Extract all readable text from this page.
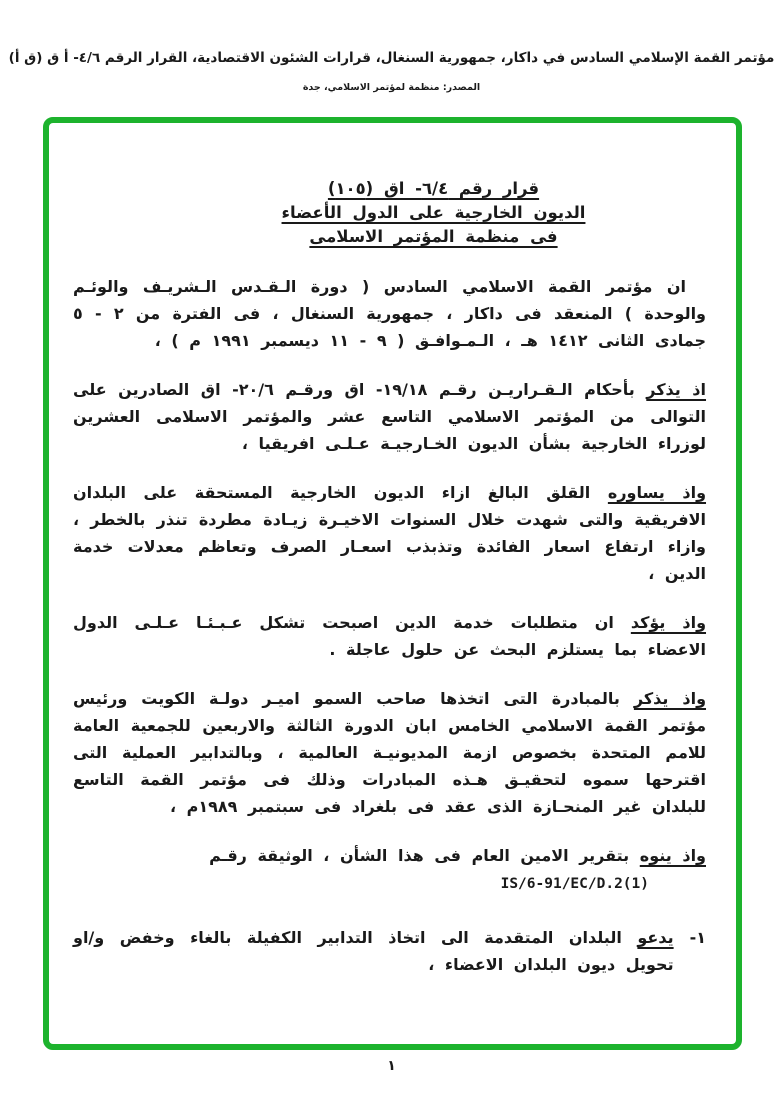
مؤتمر القمة الإسلامي السادس في داكار، جمهورية السنغال، قرارات الشئون الاقتصادية، القرار الرقم ٤/٦- أ ق (ق أ)
المصدر: منظمة لمؤتمر الاسلامي، جدة
قرار رقم ٦/٤- اق (١٠٥)
الديون الخارجية على الدول الأعضاء
فى منظمة المؤتمر الاسلامى

ان مؤتمر القمة الاسلامي السادس ( دورة الـقـدس الـشريـف والوئـم والوحدة ) المنعقد فى داكار ، جمهورية السنغال ، فى الفترة من ٢ - ٥ جمادى الثانى ١٤١٢ هـ ، الـمـوافـق ( ٩ - ١١ ديسمبر ١٩٩١ م ) ،

اذ يذكر بأحكام الـقـراريـن رقـم ١٩/١٨- اق ورقـم ٢٠/٦- اق الصادرين على التوالى من المؤتمر الاسلامي التاسع عشر والمؤتمر الاسلامى العشرين لوزراء الخارجية بشأن الديون الخـارجيـة عـلـى افريقيا ،

واذ يساوره القلق البالغ ازاء الديون الخارجية المستحقة على البلدان الافريقية والتى شهدت خلال السنوات الاخيـرة زيـادة مطردة تنذر بالخطر ، وازاء ارتفاع اسعار الفائدة وتذبذب اسعـار الصرف وتعاظم معدلات خدمة الدين ،

واذ يؤكد ان متطلبات خدمة الدين اصبحت تشكل عـبـئـا عـلـى الدول الاعضاء بما يستلزم البحث عن حلول عاجلة .

واذ يذكر بالمبادرة التى اتخذها صاحب السمو اميـر دولـة الكويت ورئيس مؤتمر القمة الاسلامي الخامس ابان الدورة الثالثة والاربعين للجمعية العامة للامم المتحدة بخصوص ازمة المديونيـة العالمية ، وبالتدابير العملية التى اقترحها سموه لتحقيـق هـذه المبادرات وذلك فى مؤتمر القمة التاسع للبلدان غير المنحـازة الذى عقد فى بلغراد فى سبتمبر ١٩٨٩م ،

واذ ينوه بتقرير الامين العام فى هذا الشأن ، الوثيقة رقـم

IS/6-91/EC/D.2(1)
١-
يدعو البلدان المتقدمة الى اتخاذ التدابير الكفيلة بالغاء وخفض و/او تحويل ديون البلدان الاعضاء ،
١
